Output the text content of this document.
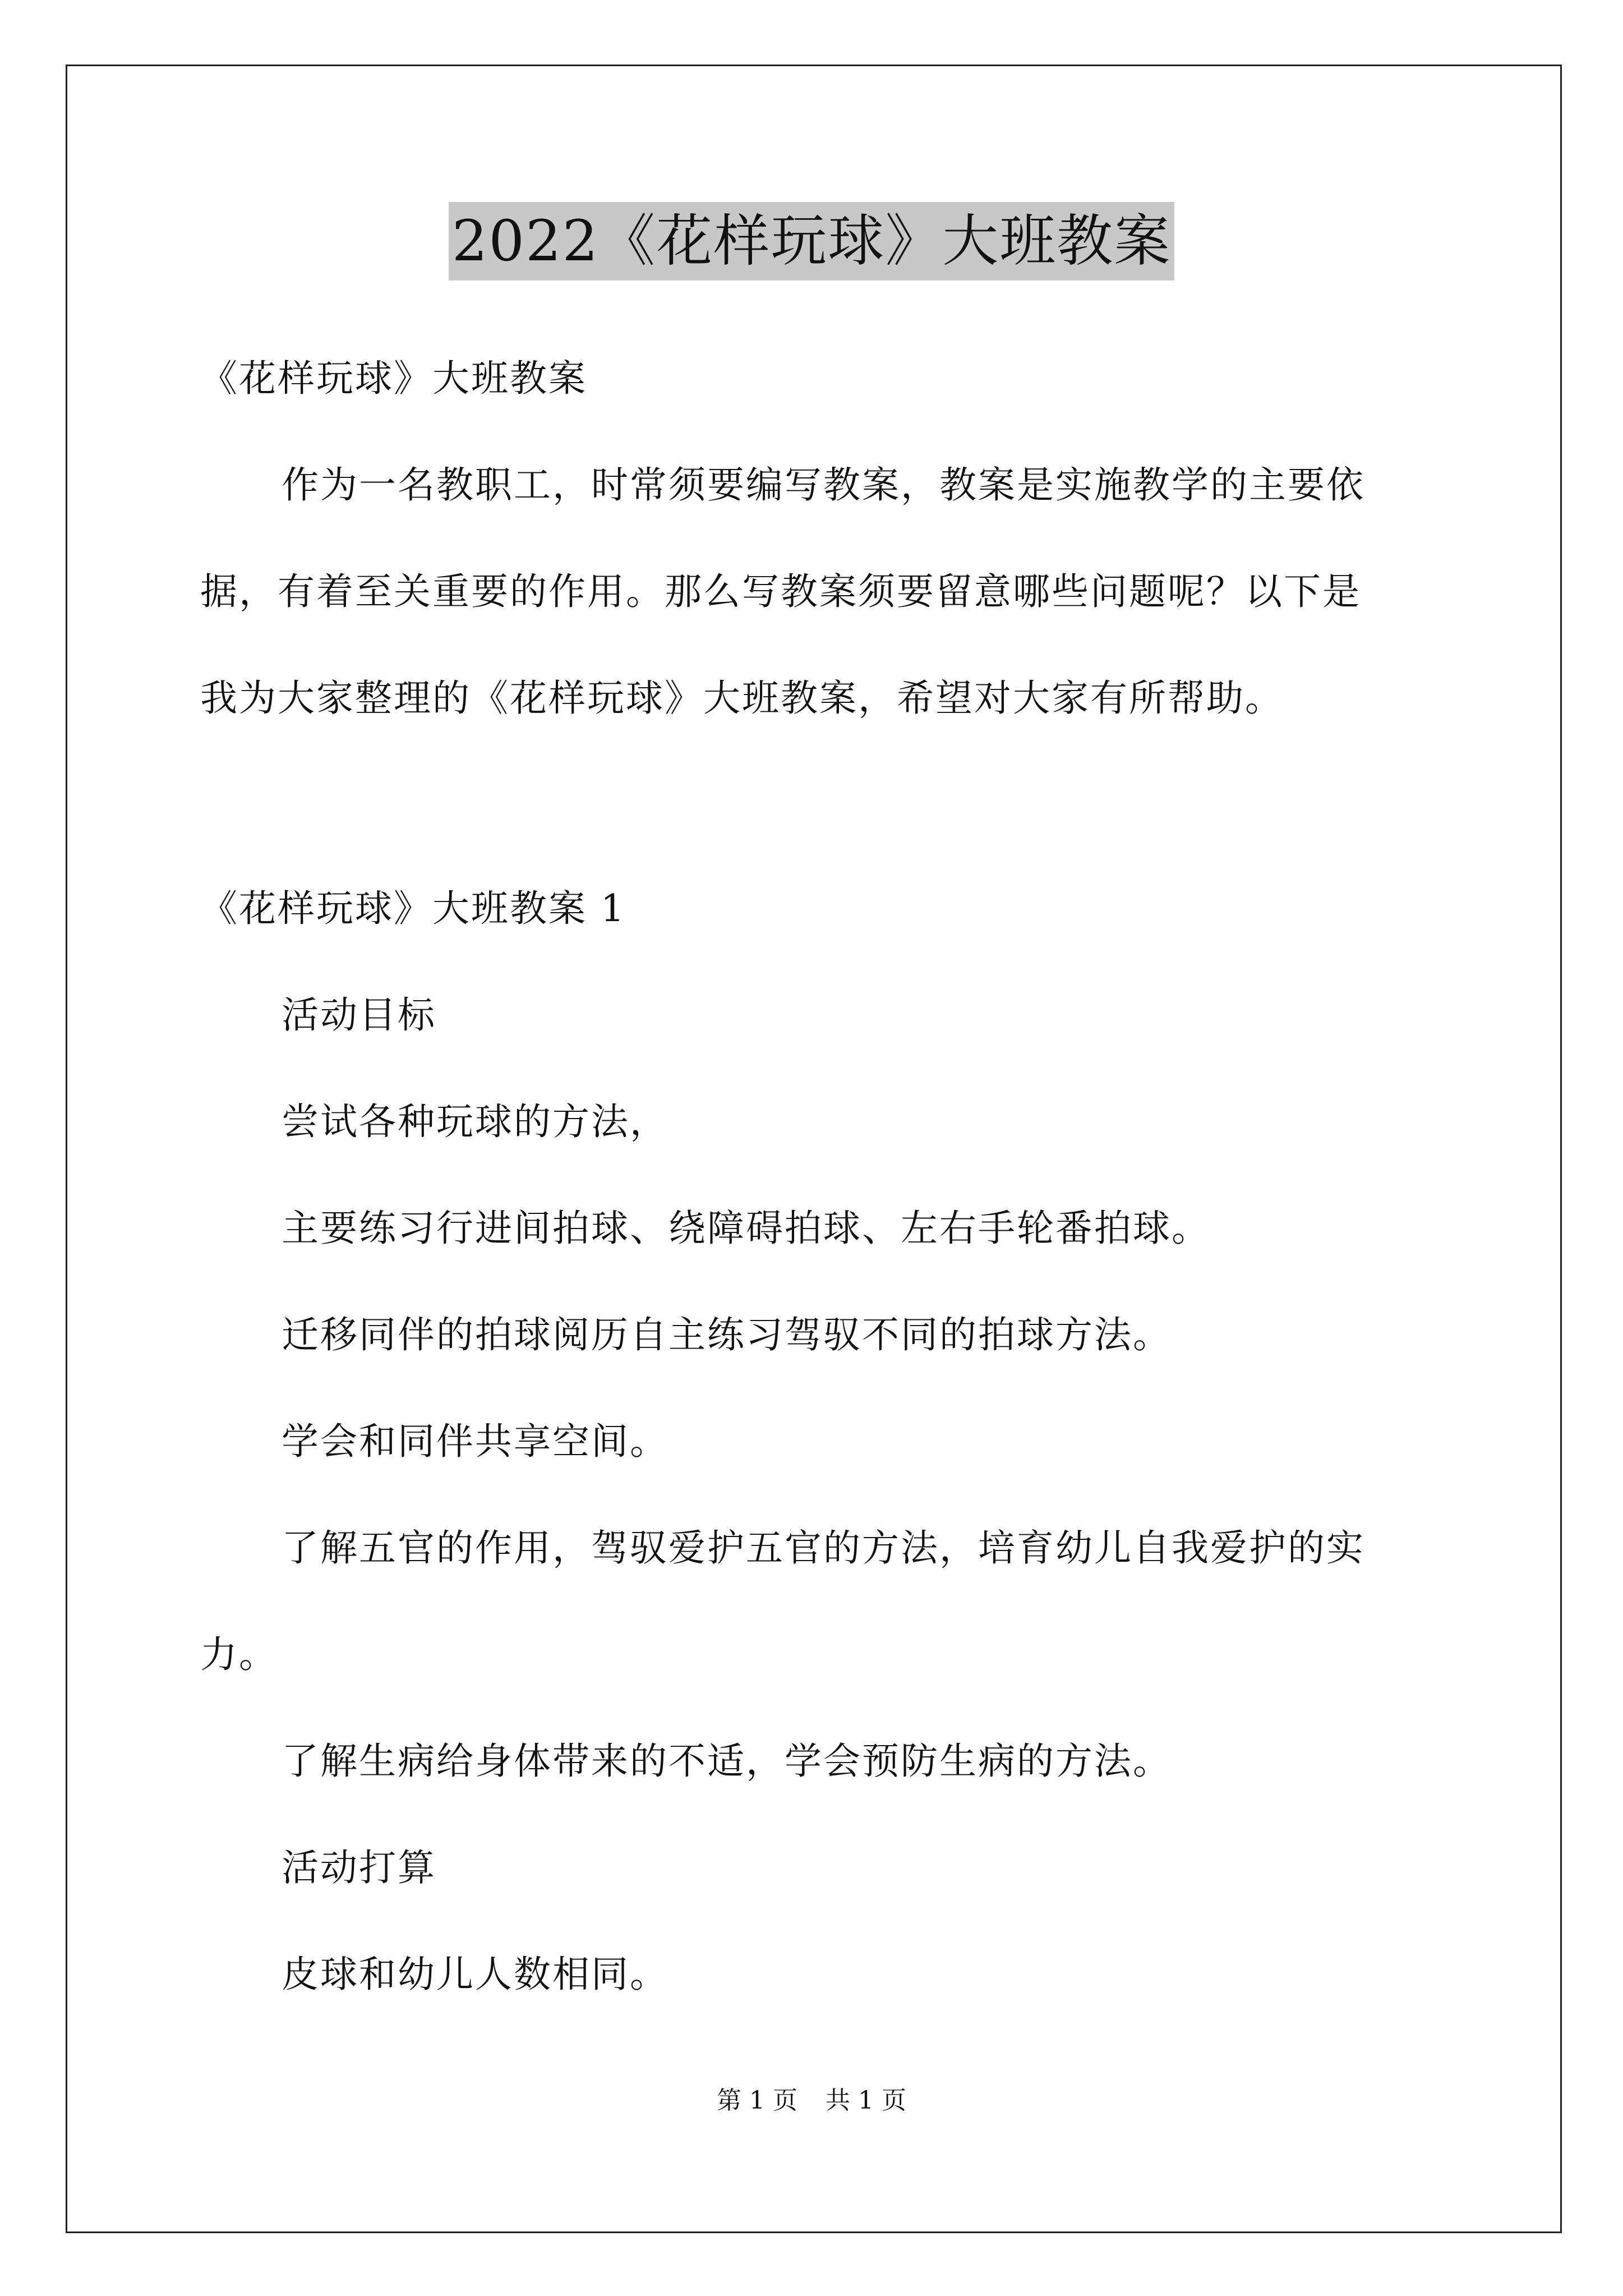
2022《花样玩球》大班教案
《花样玩球》大班教案
作为一名教职工，时常须要编写教案，教案是实施教学的主要依
据，有着至关重要的作用。那么写教案须要留意哪些问题呢？以下是
我为大家整理的《花样玩球》大班教案，希望对大家有所帮助。
《花样玩球》大班教案 1
活动目标
尝试各种玩球的方法，
主要练习行进间拍球、绕障碍拍球、左右手轮番拍球。
迁移同伴的拍球阅历自主练习驾驭不同的拍球方法。
学会和同伴共享空间。
了解五官的作用，驾驭爱护五官的方法，培育幼儿自我爱护的实
力。
了解生病给身体带来的不适，学会预防生病的方法。
活动打算
皮球和幼儿人数相同。
第 1 页 共 1 页
